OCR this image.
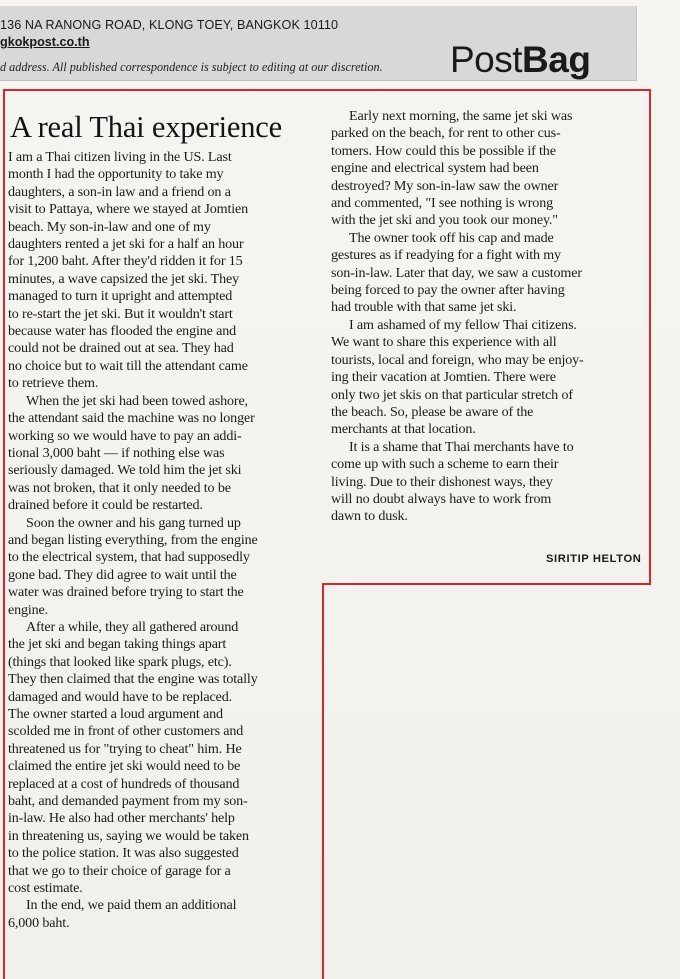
136 NA RANONG ROAD, KLONG TOEY, BANGKOK 10110
gkokpost.co.th
d address. All published correspondence is subject to editing at our discretion. PostBag
A real Thai experience

I am a Thai citizen living in the US. Last
month I had the opportunity to take my
daughters, a son-in law and a friend on a
visit to Pattaya, where we stayed at Jomtien
beach. My son-in-law and one of my
daughters rented a jet ski for a half an hour
for 1,200 baht. After they'd ridden it for 15
minutes, a wave capsized the jet ski. They
managed to turn it upright and attempted
to re-start the jet ski. But it wouldn't start
because water has flooded the engine and
could not be drained out at sea. They had
no choice but to wait till the attendant came
to retrieve them.

When the jet ski had been towed ashore,
the attendant said the machine was no longer
working so we would have to pay an addi-
tional 3,000 baht — if nothing else was
seriously damaged. We told him the jet ski
was not broken, that it only needed to be
drained before it could be restarted.

Soon the owner and his gang turned up
and began listing everything, from the engine
to the electrical system, that had supposedly
gone bad. They did agree to wait until the
water was drained before trying to start the
engine.

After a while, they all gathered around
the jet ski and began taking things apart
(things that looked like spark plugs, etc).
They then claimed that the engine was totally
damaged and would have to be replaced.
The owner started a loud argument and
scolded me in front of other customers and
threatened us for "trying to cheat" him. He
claimed the entire jet ski would need to be
replaced at a cost of hundreds of thousand
baht, and demanded payment from my son-
in-law. He also had other merchants' help
in threatening us, saying we would be taken
to the police station. It was also suggested
that we go to their choice of garage for a
cost estimate.

In the end, we paid them an additional
6,000 baht.

Early next morning, the same jet ski was
parked on the beach, for rent to other cus-
tomers. How could this be possible if the
engine and electrical system had been
destroyed? My son-in-law saw the owner
and commented, "I see nothing is wrong
with the jet ski and you took our money."

The owner took off his cap and made
gestures as if readying for a fight with my
son-in-law. Later that day, we saw a customer
being forced to pay the owner after having
had trouble with that same jet ski.

I am ashamed of my fellow Thai citizens.
We want to share this experience with all
tourists, local and foreign, who may be enjoy-
ing their vacation at Jomtien. There were
only two jet skis on that particular stretch of
the beach. So, please be aware of the
merchants at that location.

It is a shame that Thai merchants have to
come up with such a scheme to earn their
living. Due to their dishonest ways, they
will no doubt always have to work from
dawn to dusk.

SIRITIP HELTON
